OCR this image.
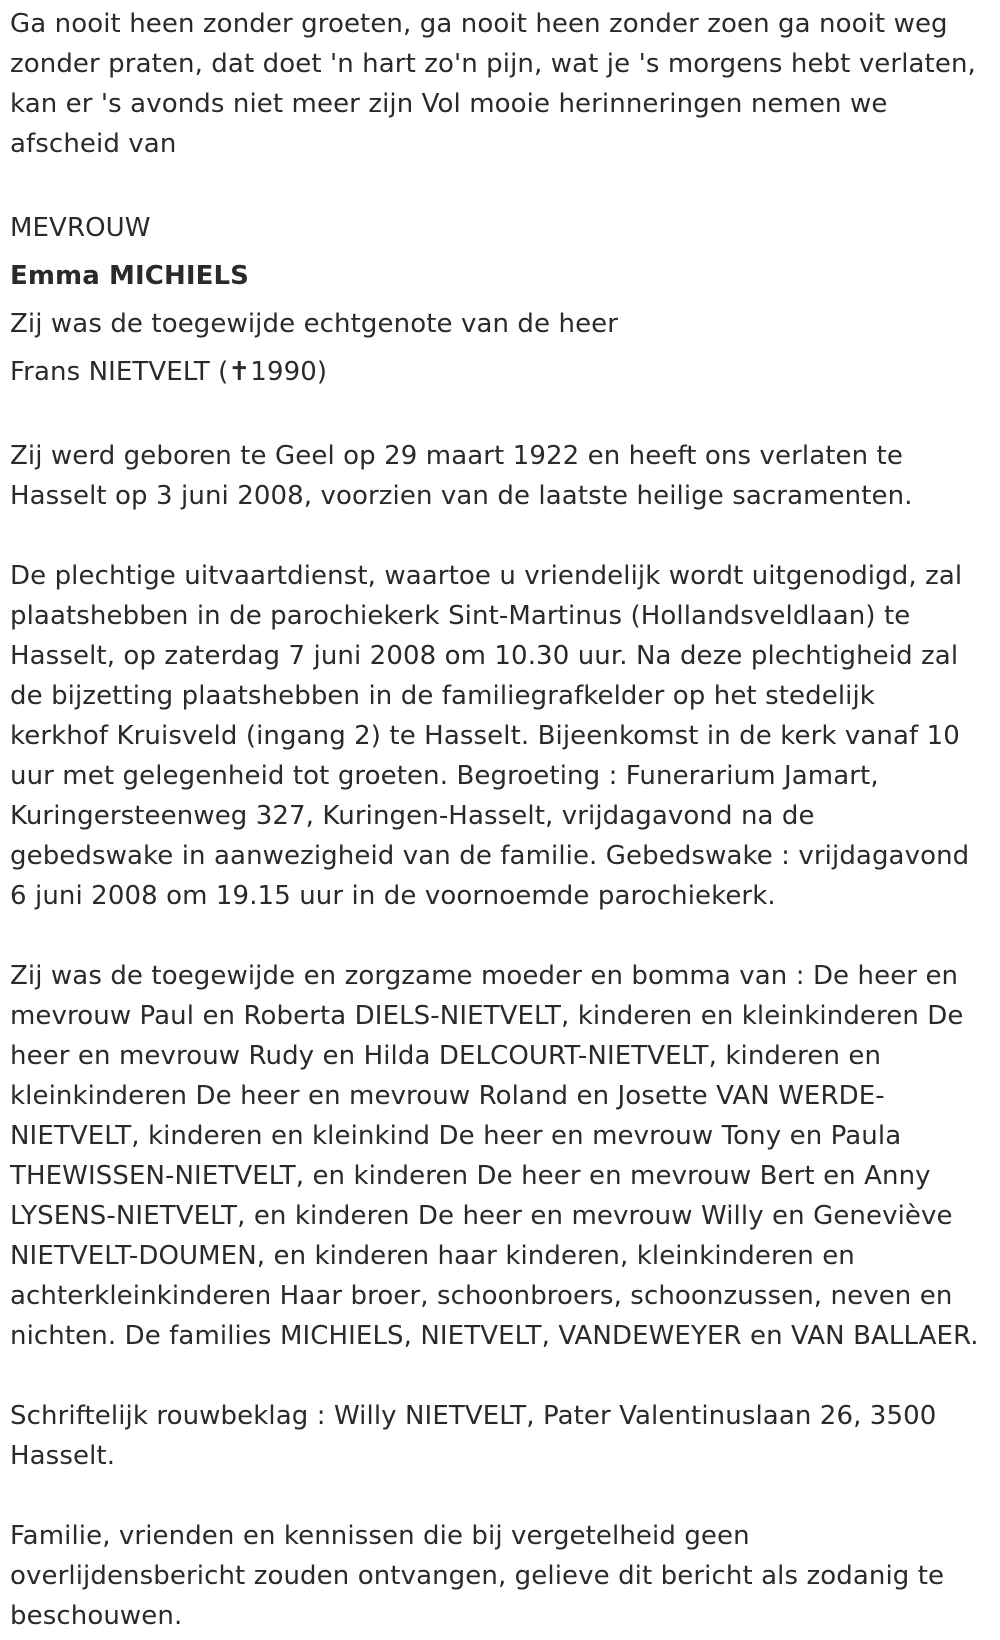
Ga nooit heen zonder groeten, ga nooit heen zonder zoen ga nooit weg zonder praten, dat doet 'n hart zo'n pijn, wat je 's morgens hebt verlaten, kan er 's avonds niet meer zijn Vol mooie herinneringen nemen we afscheid van

MEVROUW

Emma MICHIELS

Zij was de toegewijde echtgenote van de heer

Frans NIETVELT (✝1990)

Zij werd geboren te Geel op 29 maart 1922 en heeft ons verlaten te Hasselt op 3 juni 2008, voorzien van de laatste heilige sacramenten.

De plechtige uitvaartdienst, waartoe u vriendelijk wordt uitgenodigd, zal plaatshebben in de parochiekerk Sint-Martinus (Hollandsveldlaan) te Hasselt, op zaterdag 7 juni 2008 om 10.30 uur. Na deze plechtigheid zal de bijzetting plaatshebben in de familiegrafkelder op het stedelijk kerkhof Kruisveld (ingang 2) te Hasselt. Bijeenkomst in de kerk vanaf 10 uur met gelegenheid tot groeten. Begroeting : Funerarium Jamart, Kuringersteenweg 327, Kuringen-Hasselt, vrijdagavond na de gebedswake in aanwezigheid van de familie. Gebedswake : vrijdagavond 6 juni 2008 om 19.15 uur in de voornoemde parochiekerk.

Zij was de toegewijde en zorgzame moeder en bomma van : De heer en mevrouw Paul en Roberta DIELS-NIETVELT, kinderen en kleinkinderen De heer en mevrouw Rudy en Hilda DELCOURT-NIETVELT, kinderen en kleinkinderen De heer en mevrouw Roland en Josette VAN WERDE-NIETVELT, kinderen en kleinkind De heer en mevrouw Tony en Paula THEWISSEN-NIETVELT, en kinderen De heer en mevrouw Bert en Anny LYSENS-NIETVELT, en kinderen De heer en mevrouw Willy en Geneviève NIETVELT-DOUMEN, en kinderen haar kinderen, kleinkinderen en achterkleinkinderen Haar broer, schoonbroers, schoonzussen, neven en nichten. De families MICHIELS, NIETVELT, VANDEWEYER en VAN BALLAER.

Schriftelijk rouwbeklag : Willy NIETVELT, Pater Valentinuslaan 26, 3500 Hasselt.

Familie, vrienden en kennissen die bij vergetelheid geen overlijdensbericht zouden ontvangen, gelieve dit bericht als zodanig te beschouwen.
